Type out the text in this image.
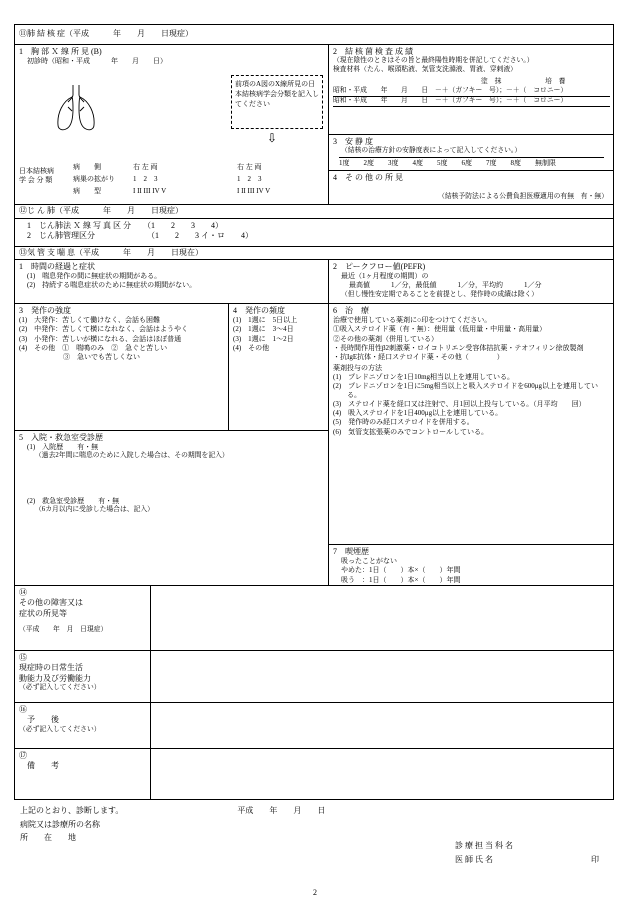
⑪肺 結 核 症（平成　　　年　　月　　日現症）
1　胸 部 Ｘ 線 所 見 (B)
初診時（昭和・平成　　　年　　月　　日）
前項のA図のX線所見の日本結核病学会分類を記入してください
⇩
日本結核病
学 会 分 類
病　　側	右 左 両	右 左 両
病巣の拡がり	1　2　3	1　2　3
病　　型	I II III IV V	I II III IV V
2　結 核 菌 検 査 成 績
（現在陰性のときはその旨と最終陽性時期を併記してください。）
検査材料（たん、喉頭粘液、気管支洗滌液、胃液、穿刺液）
塗　抹	培　養
昭和・平成　　年　　月　　日　－＋（ガフキー　号）；－＋（　コロニー）
昭和・平成　　年　　月　　日　－＋（ガフキー　号）；－＋（　コロニー）
3　安 静 度
（結核の治療方針の安静度表によって記入してください。）
1度　　2度　　3度　　4度　　5度　　6度　　7度　　8度　　無制限
4　そ の 他 の 所 見
（結核予防法による公費負担医療適用の有無　有・無）
⑫じ ん 肺（平成　　　年　　月　　日現症）
1　じん肺法 Ｘ 線 写 真 区 分　　（1　　2　　3　　4）
2　じん肺管理区分　　　　　　　（1　　2　　3 イ・ロ　　4）
⑬気 管 支 喘 息（平成　　　年　　月　　日現在）
1　時間の経過と症状
(1)　喘息発作の間に無症状の期間がある。
(2)　持続する喘息症状のために無症状の期間がない。
2　ピークフロー値(PEFR)
最近（1ヶ月程度の期間）の
最高値　　　1／分，最低値　　　1／分，平均約　　　1／分
（但し慢性安定期であることを前提とし、発作時の成績は除く）
3　発作の強度
(1)　大発作：苦しくて働けなく、会話も困難
(2)　中発作：苦しくて横になれなく、会話はようやく
(3)　小発作：苦しいが横になれる、会話はほぼ普通
(4)　その他　①　喘鳴のみ　②　急ぐと苦しい
③　急いでも苦しくない
4　発作の頻度
(1)　1週に　5日以上
(2)　1週に　3～4日
(3)　1週に　1～2日
(4)　その他
6　治　療
治療で使用している薬剤に○印をつけてください。
①吸入ステロイド薬（有・無）：使用量（低用量・中用量・高用量）
②その他の薬剤（併用している）
・長時間作用性β2刺激薬・ロイコトリエン受容体拮抗薬・テオフィリン徐放製剤
・抗IgE抗体・経口ステロイド薬・その他（　　　　）
薬剤投与の方法
(1)　プレドニゾロンを1日10mg相当以上を連用している。
(2)　プレドニゾロンを1日に5mg相当以上と吸入ステロイドを600μg以上を連用している。
(3)　ステロイド薬を経口又は注射で、月1回以上投与している。（月平均　　回）
(4)　吸入ステロイドを1日400μg以上を連用している。
(5)　発作時のみ経口ステロイドを併用する。
(6)　気管支拡張薬のみでコントロールしている。
5　入院・救急室受診歴
(1)　入院歴　　有・無
（過去2年間に喘息のために入院した場合は、その期間を記入）
(2)　救急室受診歴　　有・無
（6カ月以内に受診した場合は、記入）
7　喫煙歴
吸ったことがない
やめた：1日（　　）本×（　　）年間
吸う　：1日（　　）本×（　　）年間
⑭
その他の障害又は
症状の所見等
（平成　　年　月　日現症）
⑮
現症時の日常生活
動能力及び労働能力
（必ず記入してください）
⑯
予　　後
（必ず記入してください）
⑰
備　　考
上記のとおり、診断します。	平成　　年　　月　　日
病院又は診療所の名称
所　　在　　地
診 療 担 当 科 名
医 師 氏 名	印
2
